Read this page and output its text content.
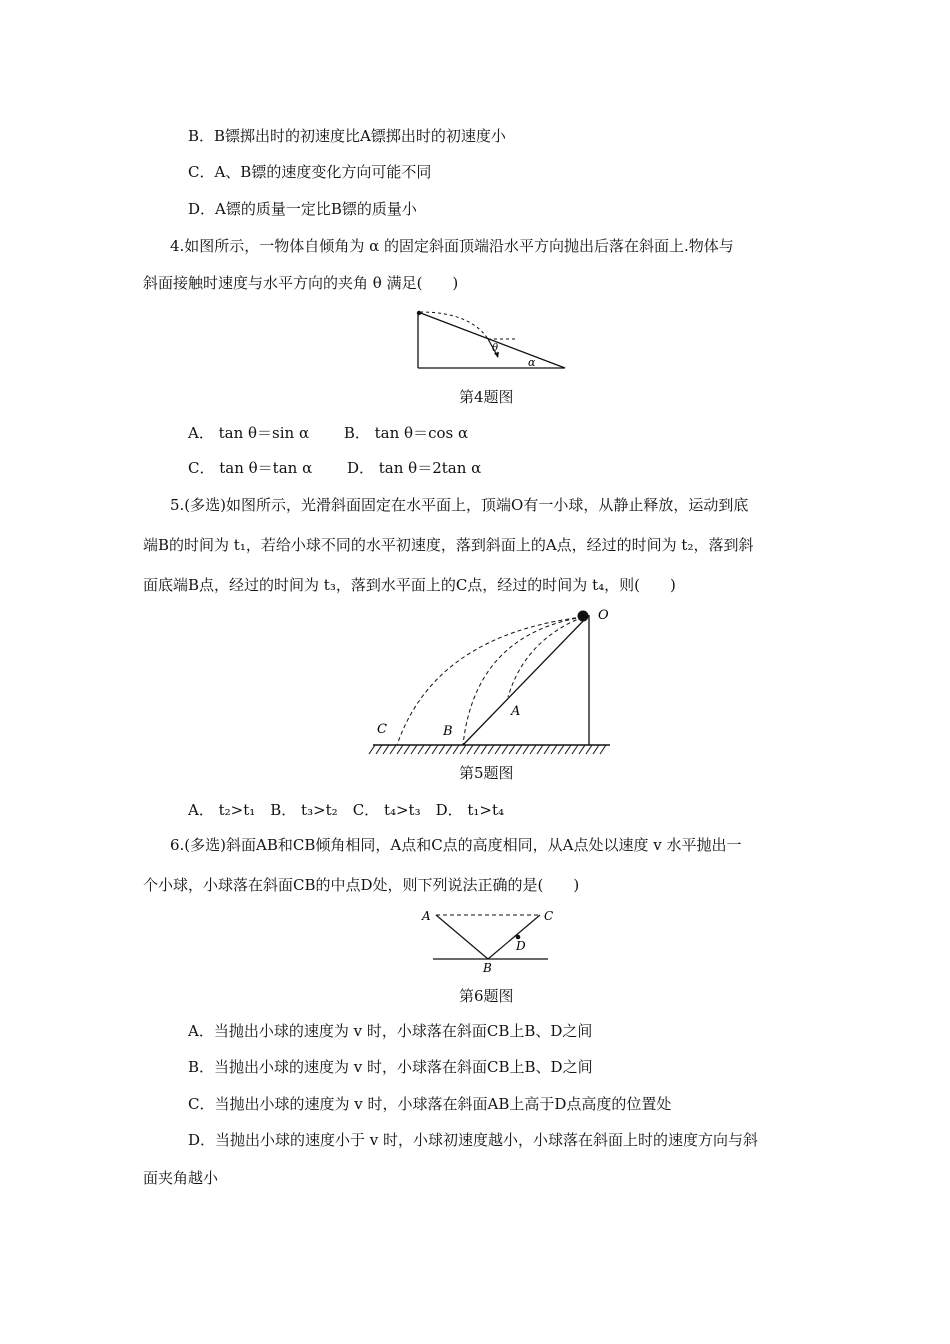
B．B镖掷出时的初速度比A镖掷出时的初速度小
C．A、B镖的速度变化方向可能不同
D．A镖的质量一定比B镖的质量小
4.如图所示，一物体自倾角为 α 的固定斜面顶端沿水平方向抛出后落在斜面上.物体与
斜面接触时速度与水平方向的夹角 θ 满足(　　)
θ
α
第4题图
A． tan θ＝sin α　　 B． tan θ＝cos α
C． tan θ＝tan α　　 D． tan θ＝2tan α
5.(多选)如图所示，光滑斜面固定在水平面上，顶端O有一小球，从静止释放，运动到底
端B的时间为 t₁，若给小球不同的水平初速度，落到斜面上的A点，经过的时间为 t₂，落到斜
面底端B点，经过的时间为 t₃，落到水平面上的C点，经过的时间为 t₄，则(　　)
O
A
B
C
第5题图
A． t₂>t₁　B． t₃>t₂　C． t₄>t₃　D． t₁>t₄
6.(多选)斜面AB和CB倾角相同，A点和C点的高度相同，从A点处以速度 v 水平抛出一
个小球，小球落在斜面CB的中点D处，则下列说法正确的是(　　)
A	C
D
B
第6题图
A．当抛出小球的速度为 v 时，小球落在斜面CB上B、D之间
B．当抛出小球的速度为 v 时，小球落在斜面CB上B、D之间
C．当抛出小球的速度为 v 时，小球落在斜面AB上高于D点高度的位置处
D．当抛出小球的速度小于 v 时，小球初速度越小，小球落在斜面上时的速度方向与斜
面夹角越小
